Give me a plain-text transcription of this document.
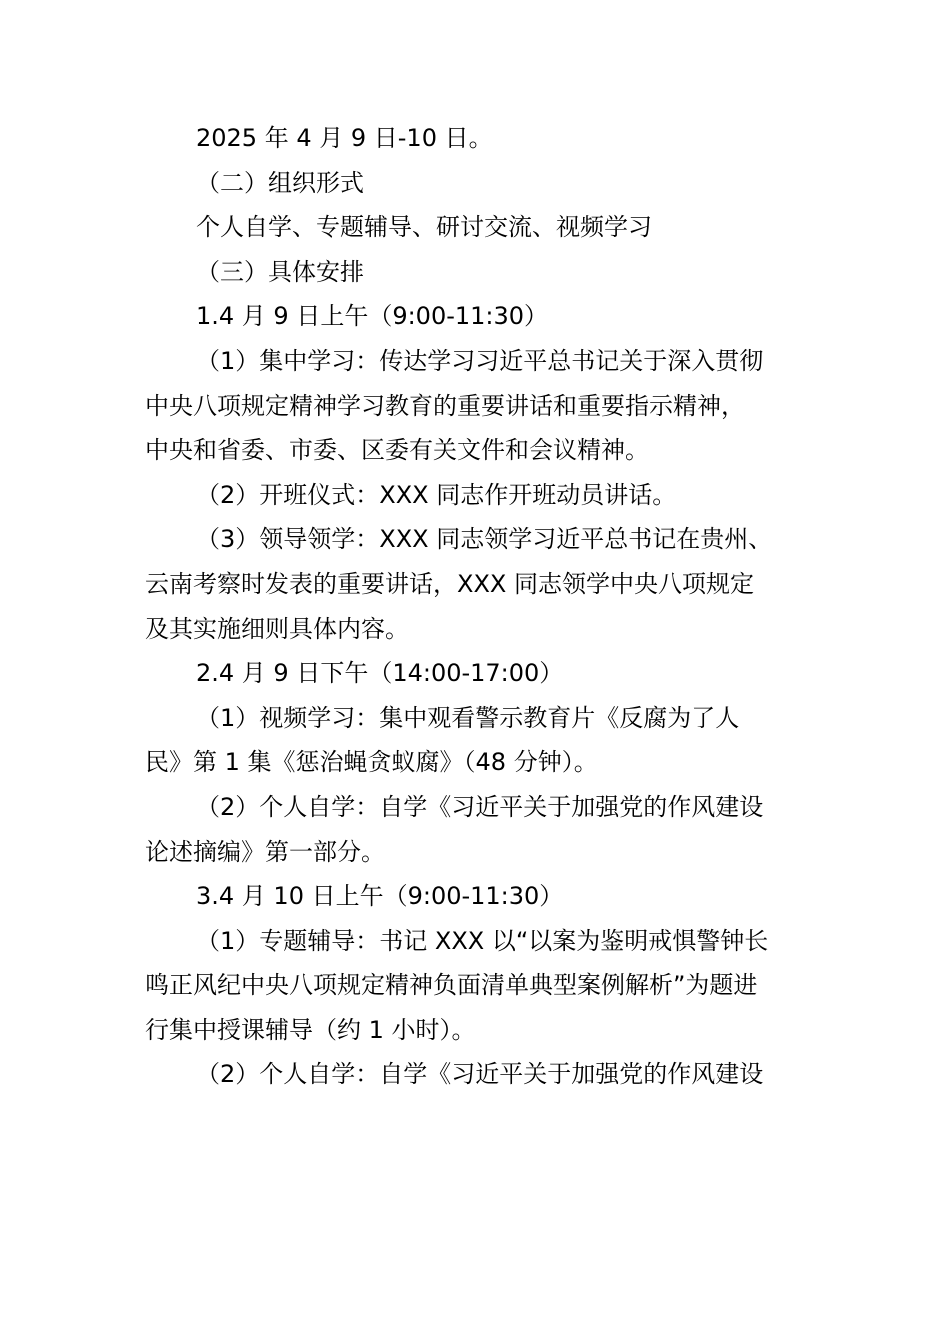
2025 年 4 月 9 日-10 日。
（二）组织形式
个人自学、专题辅导、研讨交流、视频学习
（三）具体安排
1.4 月 9 日上午（9:00-11:30）
（1）集中学习：传达学习习近平总书记关于深入贯彻
中央八项规定精神学习教育的重要讲话和重要指示精神，
中央和省委、市委、区委有关文件和会议精神。
（2）开班仪式：XXX 同志作开班动员讲话。
（3）领导领学：XXX 同志领学习近平总书记在贵州、
云南考察时发表的重要讲话，XXX 同志领学中央八项规定
及其实施细则具体内容。
2.4 月 9 日下午（14:00-17:00）
（1）视频学习：集中观看警示教育片《反腐为了人
民》第 1 集《惩治蝇贪蚁腐》（48 分钟）。
（2）个人自学：自学《习近平关于加强党的作风建设
论述摘编》第一部分。
3.4 月 10 日上午（9:00-11:30）
（1）专题辅导：书记 XXX 以“以案为鉴明戒惧警钟长
鸣正风纪中央八项规定精神负面清单典型案例解析”为题进
行集中授课辅导（约 1 小时）。
（2）个人自学：自学《习近平关于加强党的作风建设
